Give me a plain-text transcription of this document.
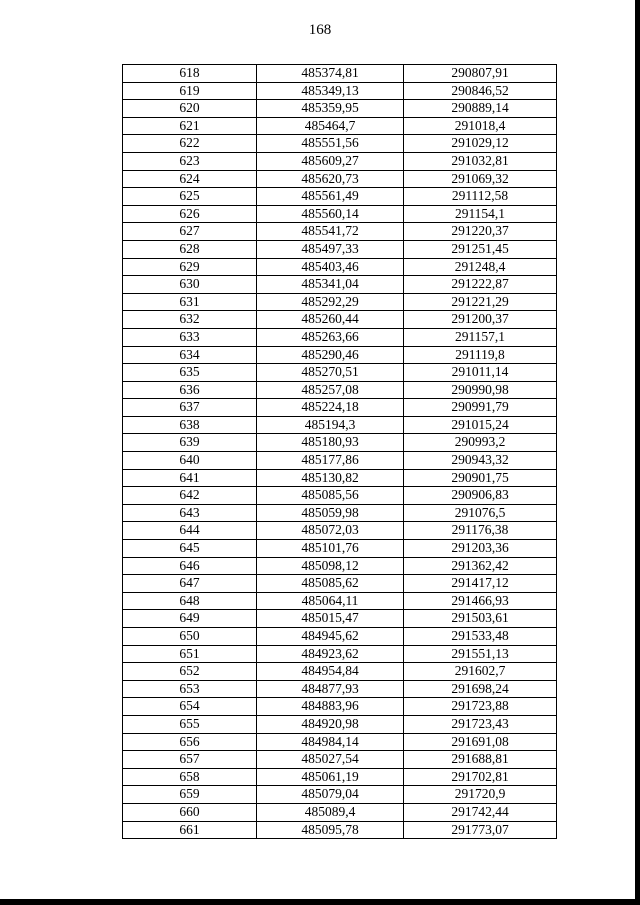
168
618	485374,81	290807,91
619	485349,13	290846,52
620	485359,95	290889,14
621	485464,7	291018,4
622	485551,56	291029,12
623	485609,27	291032,81
624	485620,73	291069,32
625	485561,49	291112,58
626	485560,14	291154,1
627	485541,72	291220,37
628	485497,33	291251,45
629	485403,46	291248,4
630	485341,04	291222,87
631	485292,29	291221,29
632	485260,44	291200,37
633	485263,66	291157,1
634	485290,46	291119,8
635	485270,51	291011,14
636	485257,08	290990,98
637	485224,18	290991,79
638	485194,3	291015,24
639	485180,93	290993,2
640	485177,86	290943,32
641	485130,82	290901,75
642	485085,56	290906,83
643	485059,98	291076,5
644	485072,03	291176,38
645	485101,76	291203,36
646	485098,12	291362,42
647	485085,62	291417,12
648	485064,11	291466,93
649	485015,47	291503,61
650	484945,62	291533,48
651	484923,62	291551,13
652	484954,84	291602,7
653	484877,93	291698,24
654	484883,96	291723,88
655	484920,98	291723,43
656	484984,14	291691,08
657	485027,54	291688,81
658	485061,19	291702,81
659	485079,04	291720,9
660	485089,4	291742,44
661	485095,78	291773,07
